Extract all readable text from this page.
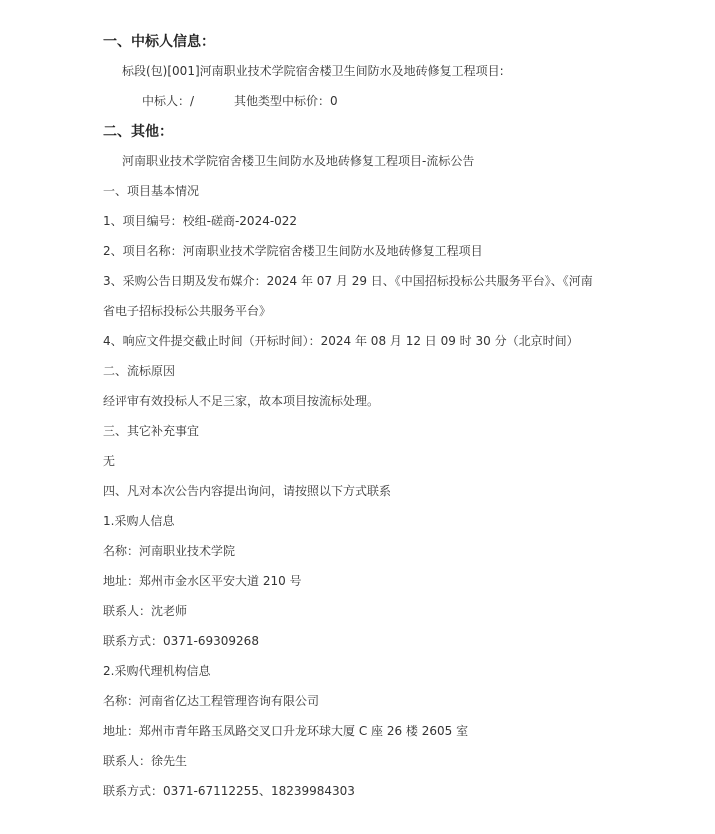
一、中标人信息：
标段(包)[001]河南职业技术学院宿舍楼卫生间防水及地砖修复工程项目:
中标人：/	其他类型中标价：0
二、其他：
河南职业技术学院宿舍楼卫生间防水及地砖修复工程项目-流标公告
一、项目基本情况
1、项目编号：校组-磋商-2024-022
2、项目名称：河南职业技术学院宿舍楼卫生间防水及地砖修复工程项目
3、采购公告日期及发布媒介：2024 年 07 月 29 日、《中国招标投标公共服务平台》、《河南
省电子招标投标公共服务平台》
4、响应文件提交截止时间（开标时间）：2024 年 08 月 12 日 09 时 30 分（北京时间）
二、流标原因
经评审有效投标人不足三家，故本项目按流标处理。
三、其它补充事宜
无
四、凡对本次公告内容提出询问，请按照以下方式联系
1.采购人信息
名称：河南职业技术学院
地址：郑州市金水区平安大道 210 号
联系人：沈老师
联系方式：0371-69309268
2.采购代理机构信息
名称：河南省亿达工程管理咨询有限公司
地址：郑州市青年路玉凤路交叉口升龙环球大厦 C 座 26 楼 2605 室
联系人：徐先生
联系方式：0371-67112255、18239984303
